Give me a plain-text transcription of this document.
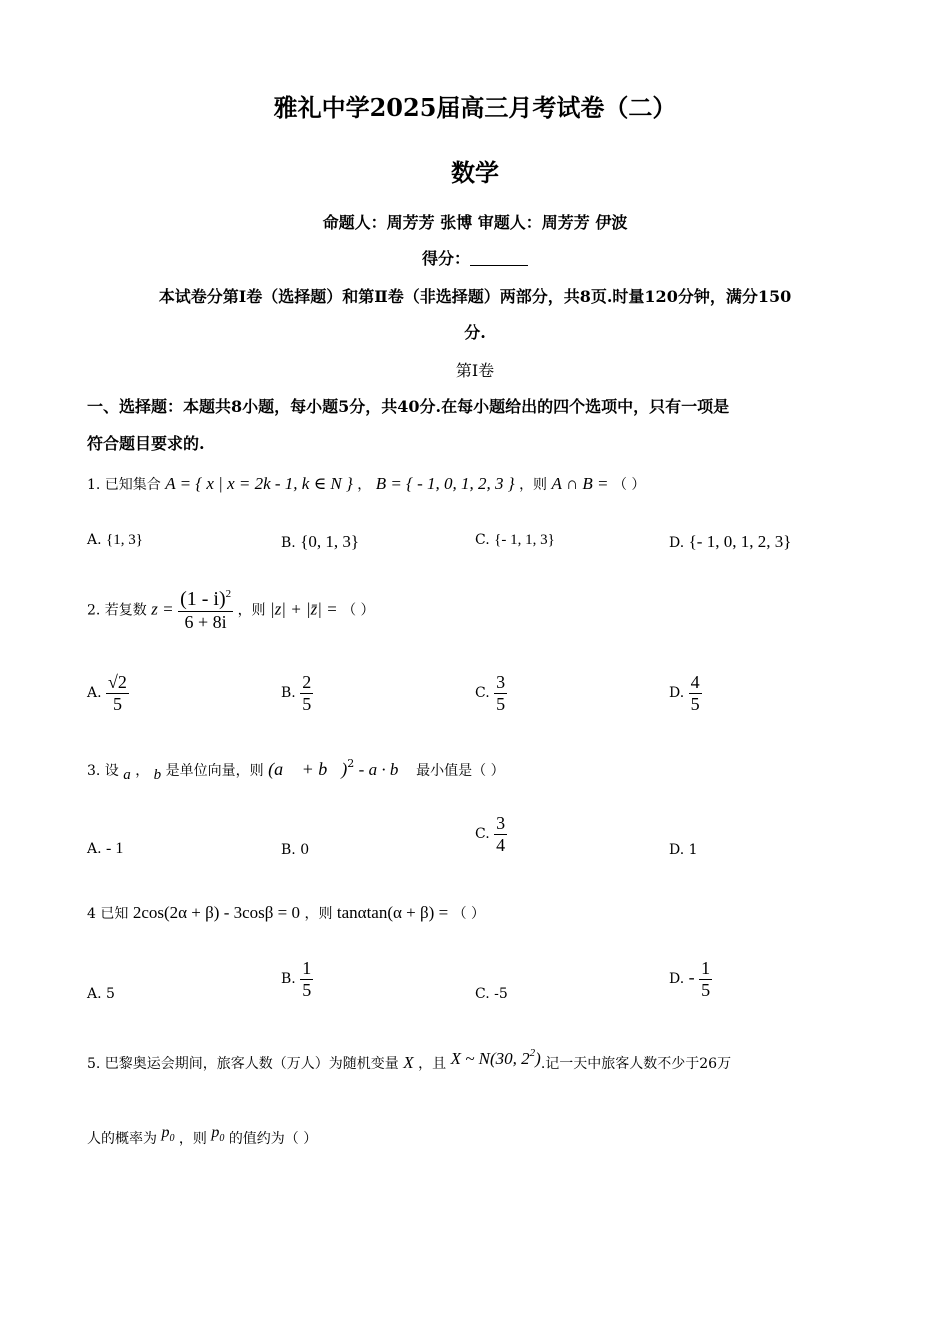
雅礼中学2025届高三月考试卷（二）
数学
命题人：周芳芳 张博 审题人：周芳芳 伊波
得分：
本试卷分第Ⅰ卷（选择题）和第Ⅱ卷（非选择题）两部分，共8页.时量120分钟，满分150
分.
第Ⅰ卷
一、选择题：本题共8小题，每小题5分，共40分.在每小题给出的四个选项中，只有一项是
符合题目要求的.
1. 已知集合 A = { x | x = 2k - 1, k ∈ N } ， B = { - 1, 0, 1, 2, 3 } ，则 A ∩ B = （ ）
A. {1, 3}	B. {0, 1, 3}	C. {- 1, 1, 3}	D. {- 1, 0, 1, 2, 3}
2. 若复数 $z = \frac{(1 - i)^2}{6 + 8i}$ ，则 |z| + |z̄| = （ ）
A. $\frac{√2}{5}$	B. $\frac{2}{5}$	C. $\frac{3}{5}$	D. $\frac{4}{5}$
3. 设 a ， b 是单位向量，则 (a⃗ + b⃗)$^2$ - a · b 最小值是（ ）
A. - 1	B. 0
C. $\frac{3}{4}$	D. 1
4 已知 2cos(2α + β) - 3cosβ = 0 ，则 tanαtan(α + β) = （ ）
A. 5
B. $\frac{1}{5}$	C. -5
D. - $\frac{1}{5}$
5. 巴黎奥运会期间，旅客人数（万人）为随机变量 X ，且 X ~ N(30, $2^2$).记一天中旅客人数不少于26万
人的概率为 $p_0$ ，则 $p_0$ 的值约为（ ）
